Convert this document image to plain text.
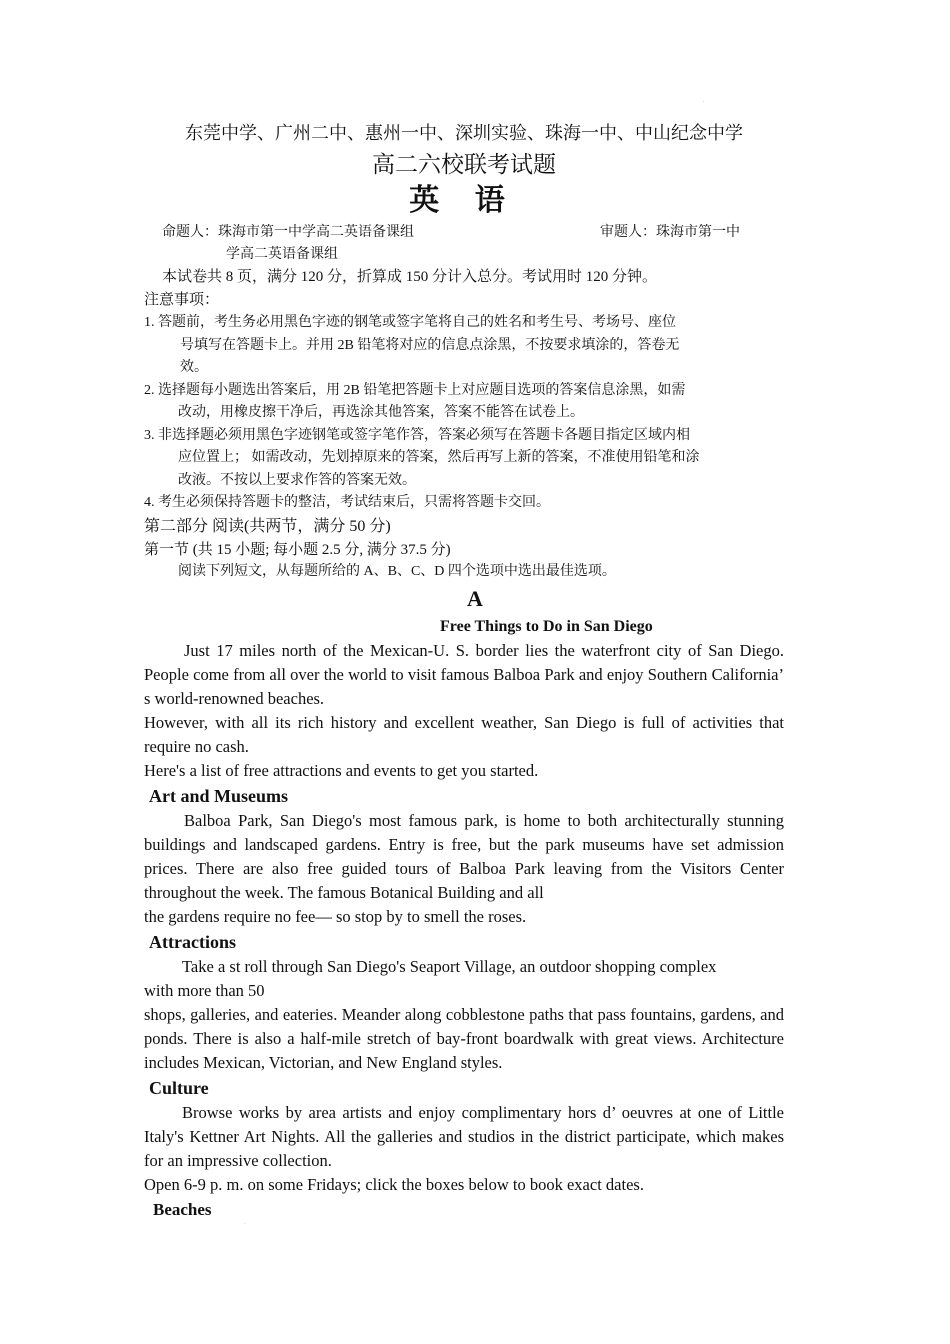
.
.
东莞中学、广州二中、惠州一中、深圳实验、珠海一中、中山纪念中学
高二六校联考试题
英 语
命题人：珠海市第一中学高二英语备课组	审题人：珠海市第一中
学高二英语备课组
本试卷共 8 页，满分 120 分，折算成 150 分计入总分。考试用时 120 分钟。
注意事项：
1. 答题前，考生务必用黑色字迹的钢笔或签字笔将自己的姓名和考生号、考场号、座位
号填写在答题卡上。并用 2B 铅笔将对应的信息点涂黑，不按要求填涂的，答卷无
效。
2. 选择题每小题选出答案后，用 2B 铅笔把答题卡上对应题目选项的答案信息涂黑，如需
改动，用橡皮擦干净后，再选涂其他答案，答案不能答在试卷上。
3. 非选择题必须用黑色字迹钢笔或签字笔作答，答案必须写在答题卡各题目指定区域内相
应位置上； 如需改动，先划掉原来的答案，然后再写上新的答案，不准使用铅笔和涂
改液。不按以上要求作答的答案无效。
4. 考生必须保持答题卡的整洁，考试结束后，只需将答题卡交回。
第二部分 阅读(共两节，满分 50 分)
第一节 (共 15 小题; 每小题 2.5 分, 满分 37.5 分)
阅读下列短文，从每题所给的 A、B、C、D 四个选项中选出最佳选项。
A
Free Things to Do in San Diego
Just 17 miles north of the Mexican-U. S. border lies the waterfront city of San Diego. People come from all over the world to visit famous Balboa Park and enjoy Southern California’ s world-renowned beaches.
However, with all its rich history and excellent weather, San Diego is full of activities that require no cash.
Here's a list of free attractions and events to get you started.
Art and Museums
Balboa Park, San Diego's most famous park, is home to both architecturally stunning buildings and landscaped gardens. Entry is free, but the park museums have set admission prices. There are also free guided tours of Balboa Park leaving from the Visitors Center throughout the week. The famous Botanical Building and all
the gardens require no fee— so stop by to smell the roses.
Attractions
Take a st roll through San Diego's Seaport Village, an outdoor shopping complex
with more than 50
shops, galleries, and eateries. Meander along cobblestone paths that pass fountains, gardens, and ponds. There is also a half-mile stretch of bay-front boardwalk with great views. Architecture includes Mexican, Victorian, and New England styles.
Culture
Browse works by area artists and enjoy complimentary hors d’ oeuvres at one of Little Italy's Kettner Art Nights. All the galleries and studios in the district participate, which makes for an impressive collection.
Open 6-9 p. m. on some Fridays; click the boxes below to book exact dates.
Beaches
